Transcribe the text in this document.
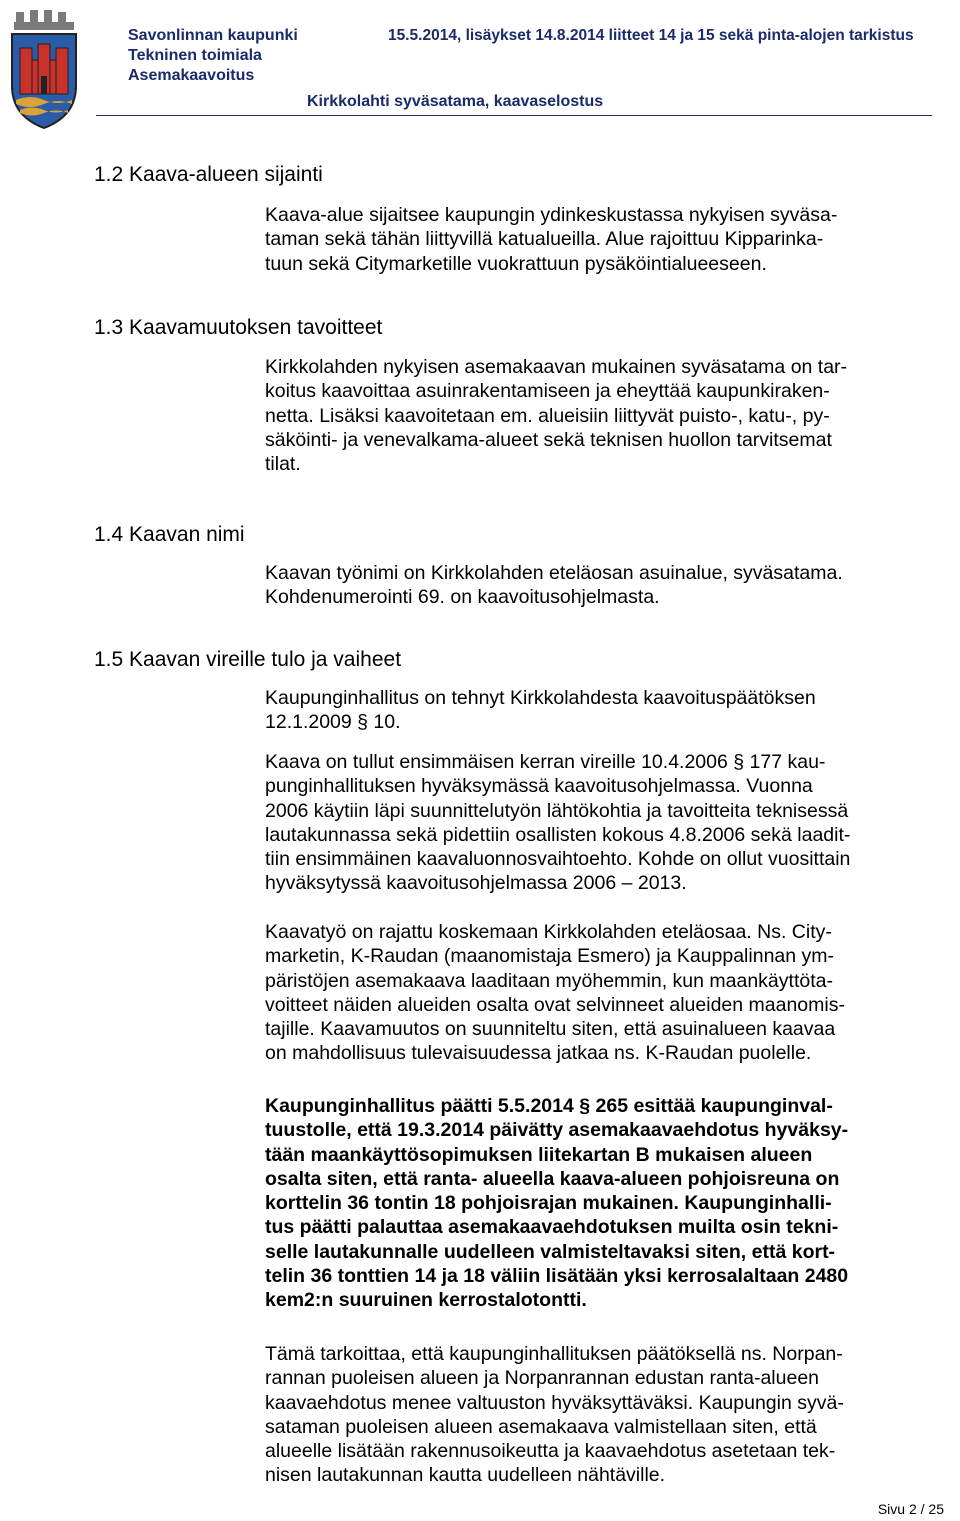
Savonlinnan kaupunki
Tekninen toimiala
Asemakaavoitus
15.5.2014, lisäykset 14.8.2014 liitteet 14 ja 15 sekä pinta-alojen tarkistus
Kirkkolahti syväsatama, kaavaselostus
1.2 Kaava-alueen sijainti
Kaava-alue sijaitsee kaupungin ydinkeskustassa nykyisen syväsa-
taman sekä tähän liittyvillä katualueilla. Alue rajoittuu Kipparinka-
tuun sekä Citymarketille vuokrattuun pysäköintialueeseen.
1.3 Kaavamuutoksen tavoitteet
Kirkkolahden nykyisen asemakaavan mukainen syväsatama on tar-
koitus kaavoittaa asuinrakentamiseen ja eheyttää kaupunkiraken-
netta. Lisäksi kaavoitetaan em. alueisiin liittyvät puisto-, katu-, py-
säköinti- ja venevalkama-alueet sekä teknisen huollon tarvitsemat
tilat.
1.4 Kaavan nimi
Kaavan työnimi on Kirkkolahden eteläosan asuinalue, syväsatama.
Kohdenumerointi 69. on kaavoitusohjelmasta.
1.5 Kaavan vireille tulo ja vaiheet
Kaupunginhallitus on tehnyt Kirkkolahdesta kaavoituspäätöksen
12.1.2009 § 10.
Kaava on tullut ensimmäisen kerran vireille 10.4.2006 § 177 kau-
punginhallituksen hyväksymässä kaavoitusohjelmassa. Vuonna
2006 käytiin läpi suunnittelutyön lähtökohtia ja tavoitteita teknisessä
lautakunnassa sekä pidettiin osallisten kokous 4.8.2006 sekä laadit-
tiin ensimmäinen kaavaluonnosvaihtoehto. Kohde on ollut vuosittain
hyväksytyssä kaavoitusohjelmassa 2006 – 2013.
Kaavatyö on rajattu koskemaan Kirkkolahden eteläosaa. Ns. City-
marketin, K-Raudan (maanomistaja Esmero) ja Kauppalinnan ym-
päristöjen asemakaava laaditaan myöhemmin, kun maankäyttöta-
voitteet näiden alueiden osalta ovat selvinneet alueiden maanomis-
tajille. Kaavamuutos on suunniteltu siten, että asuinalueen kaavaa
on mahdollisuus tulevaisuudessa jatkaa ns. K-Raudan puolelle.
Kaupunginhallitus päätti 5.5.2014 § 265 esittää kaupunginval-
tuustolle, että 19.3.2014 päivätty asemakaavaehdotus hyväksy-
tään maankäyttösopimuksen liitekartan B mukaisen alueen
osalta siten, että ranta- alueella kaava-alueen pohjoisreuna on
korttelin 36 tontin 18 pohjoisrajan mukainen. Kaupunginhalli-
tus päätti palauttaa asemakaavaehdotuksen muilta osin tekni-
selle lautakunnalle uudelleen valmisteltavaksi siten, että kort-
telin 36 tonttien 14 ja 18 väliin lisätään yksi kerrosalaltaan 2480
kem2:n suuruinen kerrostalotontti.
Tämä tarkoittaa, että kaupunginhallituksen päätöksellä ns. Norpan-
rannan puoleisen alueen ja Norpanrannan edustan ranta-alueen
kaavaehdotus menee valtuuston hyväksyttäväksi. Kaupungin syvä-
sataman puoleisen alueen asemakaava valmistellaan siten, että
alueelle lisätään rakennusoikeutta ja kaavaehdotus asetetaan tek-
nisen lautakunnan kautta uudelleen nähtäville.
Sivu 2 / 25
